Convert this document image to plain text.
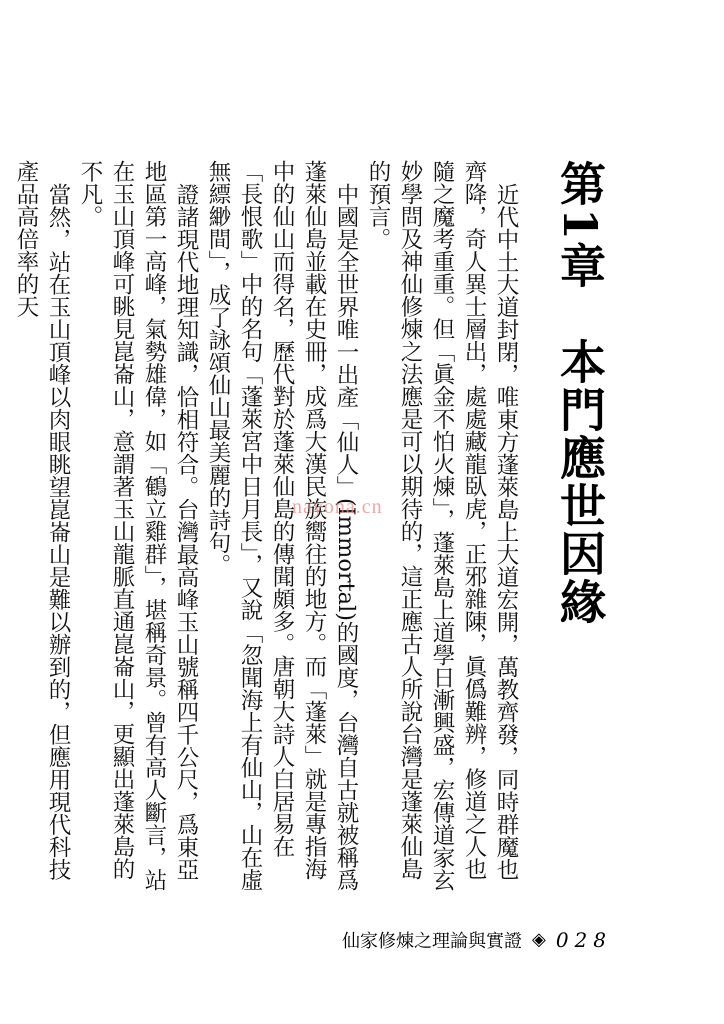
第1章　本門應世因緣

近代中土大道封閉，唯東方蓬萊島上大道宏開，萬教齊發，同時群魔也齊降，奇人異士層出，處處藏龍臥虎，正邪雜陳，眞僞難辨，修道之人也隨之魔考重重。但「眞金不怕火煉」，蓬萊島上道學日漸興盛，宏傳道家玄妙學問及神仙修煉之法應是可以期待的，這正應古人所說台灣是蓬萊仙島的預言。

中國是全世界唯一出產「仙人」(Immortal)的國度，台灣自古就被稱爲蓬萊仙島並載在史冊，成爲大漢民族嚮往的地方。而「蓬萊」就是專指海中的仙山而得名，歷代對於蓬萊仙島的傳聞頗多。唐朝大詩人白居易在「長恨歌」中的名句「蓬萊宮中日月長」，又說「忽聞海上有仙山，山在虛無縹緲間」，成了詠頌仙山最美麗的詩句。

證諸現代地理知識，恰相符合。台灣最高峰玉山號稱四千公尺，爲東亞地區第一高峰，氣勢雄偉，如「鶴立雞群」，堪稱奇景。曾有高人斷言，站在玉山頂峰可眺見崑崙山，意謂著玉山龍脈直通崑崙山，更顯出蓬萊島的不凡。

當然，站在玉山頂峰以肉眼眺望崑崙山是難以辦到的，但應用現代科技產品高倍率的天

nayona.cn
仙家修煉之理論與實證 ◈ 028
